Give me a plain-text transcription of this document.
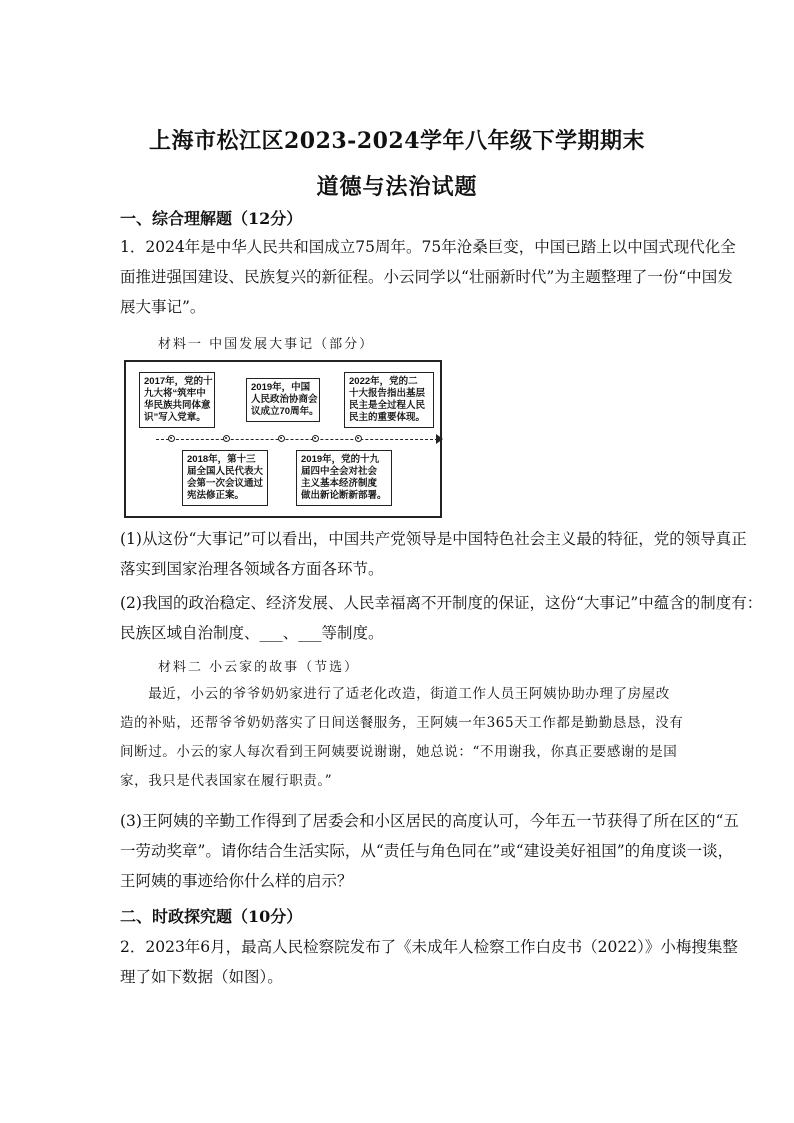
上海市松江区2023-2024学年八年级下学期期末
道德与法治试题
一、综合理解题（12分）
1．2024年是中华人民共和国成立75周年。75年沧桑巨变，中国已踏上以中国式现代化全
面推进强国建设、民族复兴的新征程。小云同学以“壮丽新时代”为主题整理了一份“中国发
展大事记”。
材料一 中国发展大事记（部分）
2017年，党的十
九大将“筑牢中
华民族共同体意
识”写入党章。
2019年，中国
人民政治协商会
议成立70周年。
2022年，党的二
十大报告指出基层
民主是全过程人民
民主的重要体现。
2018年，第十三
届全国人民代表大
会第一次会议通过
宪法修正案。
2019年，党的十九
届四中全会对社会
主义基本经济制度
做出新论断新部署。
(1)从这份“大事记”可以看出，中国共产党领导是中国特色社会主义最的特征，党的领导真正
落实到国家治理各领域各方面各环节。
(2)我国的政治稳定、经济发展、人民幸福离不开制度的保证，这份“大事记”中蕴含的制度有：
民族区域自治制度、___、___等制度。
材料二 小云家的故事（节选）
　　最近，小云的爷爷奶奶家进行了适老化改造，街道工作人员王阿姨协助办理了房屋改
造的补贴，还帮爷爷奶奶落实了日间送餐服务，王阿姨一年365天工作都是勤勤恳恳，没有
间断过。小云的家人每次看到王阿姨要说谢谢，她总说：“不用谢我，你真正要感谢的是国
家，我只是代表国家在履行职责。”
(3)王阿姨的辛勤工作得到了居委会和小区居民的高度认可，今年五一节获得了所在区的“五
一劳动奖章”。请你结合生活实际，从“责任与角色同在”或“建设美好祖国”的角度谈一谈，
王阿姨的事迹给你什么样的启示？
二、时政探究题（10分）
2．2023年6月，最高人民检察院发布了《未成年人检察工作白皮书（2022）》小梅搜集整
理了如下数据（如图）。
